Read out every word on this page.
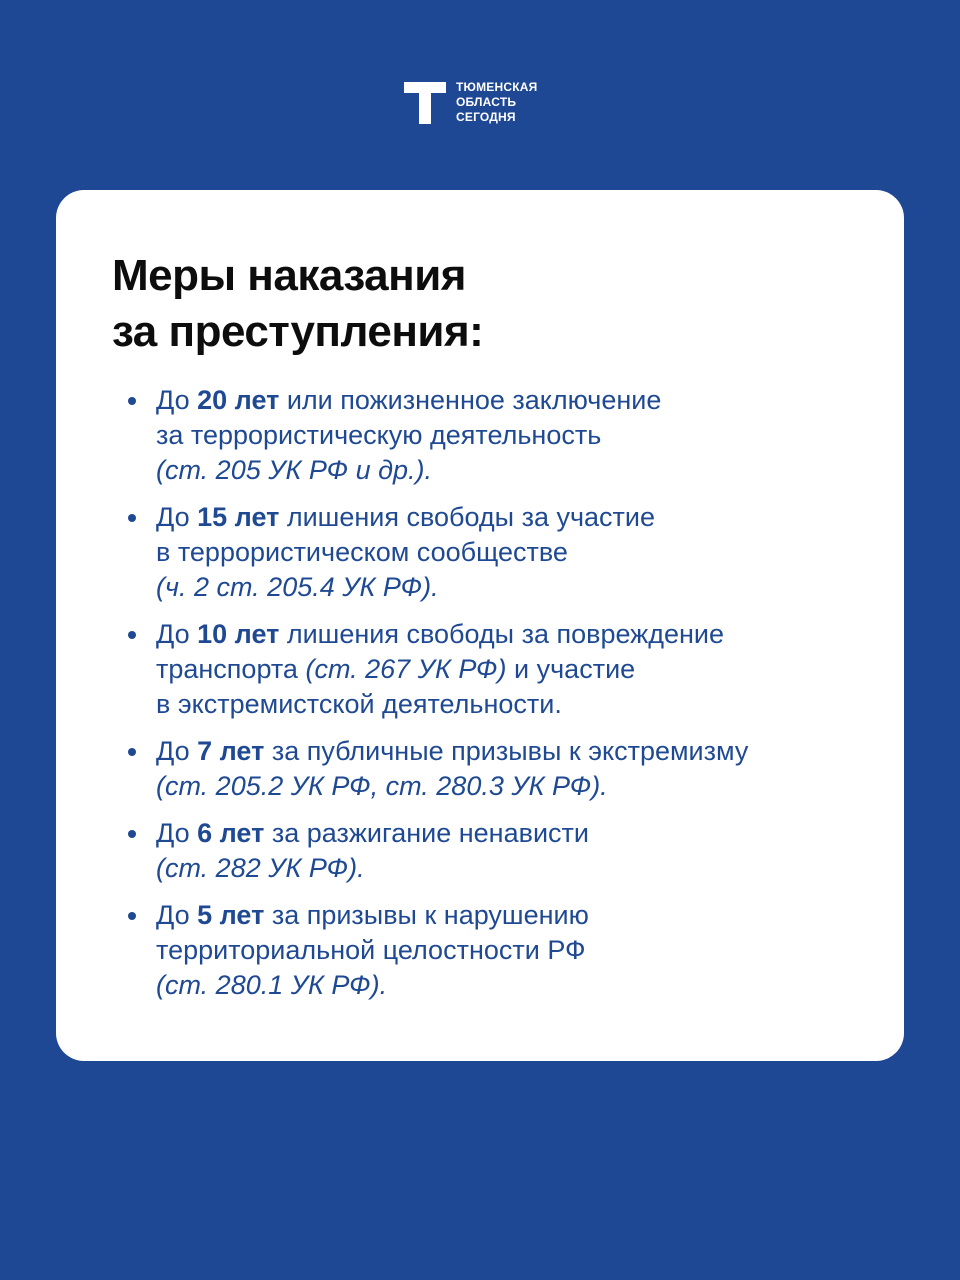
ТЮМЕНСКАЯ
ОБЛАСТЬ
СЕГОДНЯ
Меры наказания
за преступления:
До 20 лет или пожизненное заключение
за террористическую деятельность
(ст. 205 УК РФ и др.).
До 15 лет лишения свободы за участие
в террористическом сообществе
(ч. 2 ст. 205.4 УК РФ).
До 10 лет лишения свободы за повреждение
транспорта (ст. 267 УК РФ) и участие
в экстремистской деятельности.
До 7 лет за публичные призывы к экстремизму
(ст. 205.2 УК РФ, ст. 280.3 УК РФ).
До 6 лет за разжигание ненависти
(ст. 282 УК РФ).
До 5 лет за призывы к нарушению
территориальной целостности РФ
(ст. 280.1 УК РФ).
